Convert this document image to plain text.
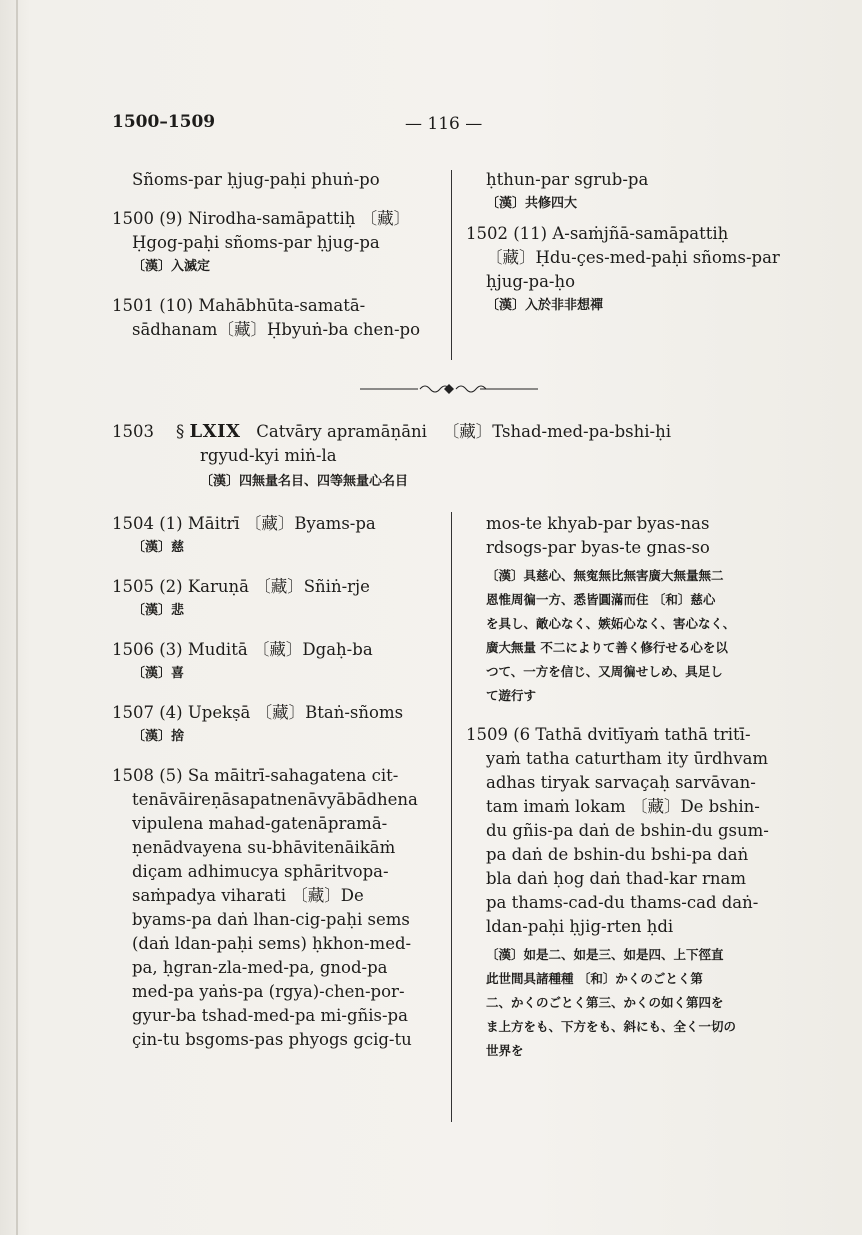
1500–1509	— 116 —
Sñoms-par ḥjug-paḥi phuṅ-po
1500 (9) Nirodha-samāpattiḥ 〔藏〕
Ḥgog-paḥi sñoms-par ḥjug-pa
〔漢〕入滅定
1501 (10) Mahābhūta-samatā-
sādhanam〔藏〕Ḥbyuṅ-ba chen-po
ḥthun-par sgrub-pa
〔漢〕共修四大
1502 (11) A-saṁjñā-samāpattiḥ
〔藏〕Ḥdu-çes-med-paḥi sñoms-par
ḥjug-pa-ḥo
〔漢〕入於非非想禪
1503 § LXIX Catvāry apramāṇāni 〔藏〕Tshad-med-pa-bshi-ḥi
rgyud-kyi miṅ-la
〔漢〕四無量名目、四等無量心名目
1504 (1) Māitrī 〔藏〕Byams-pa
〔漢〕慈
1505 (2) Karuṇā 〔藏〕Sñiṅ-rje
〔漢〕悲
1506 (3) Muditā 〔藏〕Dgaḥ-ba
〔漢〕喜
1507 (4) Upekṣā 〔藏〕Btaṅ-sñoms
〔漢〕捨
1508 (5) Sa māitrī-sahagatena cit-
tenāvāireṇāsapatnenāvyābādhena
vipulena mahad-gatenāpramā-
ṇenādvayena su-bhāvitenāikāṁ
diçam adhimucya sphāritvopa-
saṁpadya viharati 〔藏〕De
byams-pa daṅ lhan-cig-paḥi sems
(daṅ ldan-paḥi sems) ḥkhon-med-
pa, ḥgran-zla-med-pa, gnod-pa
med-pa yaṅs-pa (rgya)-chen-por-
gyur-ba tshad-med-pa mi-gñis-pa
çin-tu bsgoms-pas phyogs gcig-tu
mos-te khyab-par byas-nas
rdsogs-par byas-te gnas-so
〔漢〕具慈心、無寃無比無害廣大無量無二
恩惟周徧一方、悉皆圓滿而住 〔和〕慈心
を具し、敵心なく、嫉妬心なく、害心なく、
廣大無量 不二によりて善く修行せる心を以
つて、一方を信じ、又周徧せしめ、具足し
て遊行す
1509 (6 Tathā dvitīyaṁ tathā tritī-
yaṁ tatha caturtham ity ūrdhvam
adhas tiryak sarvaçaḥ sarvāvan-
tam imaṁ lokam 〔藏〕De bshin-
du gñis-pa daṅ de bshin-du gsum-
pa daṅ de bshin-du bshi-pa daṅ
bla daṅ ḥog daṅ thad-kar rnam
pa thams-cad-du thams-cad daṅ-
ldan-paḥi ḥjig-rten ḥdi
〔漢〕如是二、如是三、如是四、上下徑直
此世間具諸種種 〔和〕かくのごとく第
二、かくのごとく第三、かくの如く第四を
ま上方をも、下方をも、斜にも、全く一切の
世界を
